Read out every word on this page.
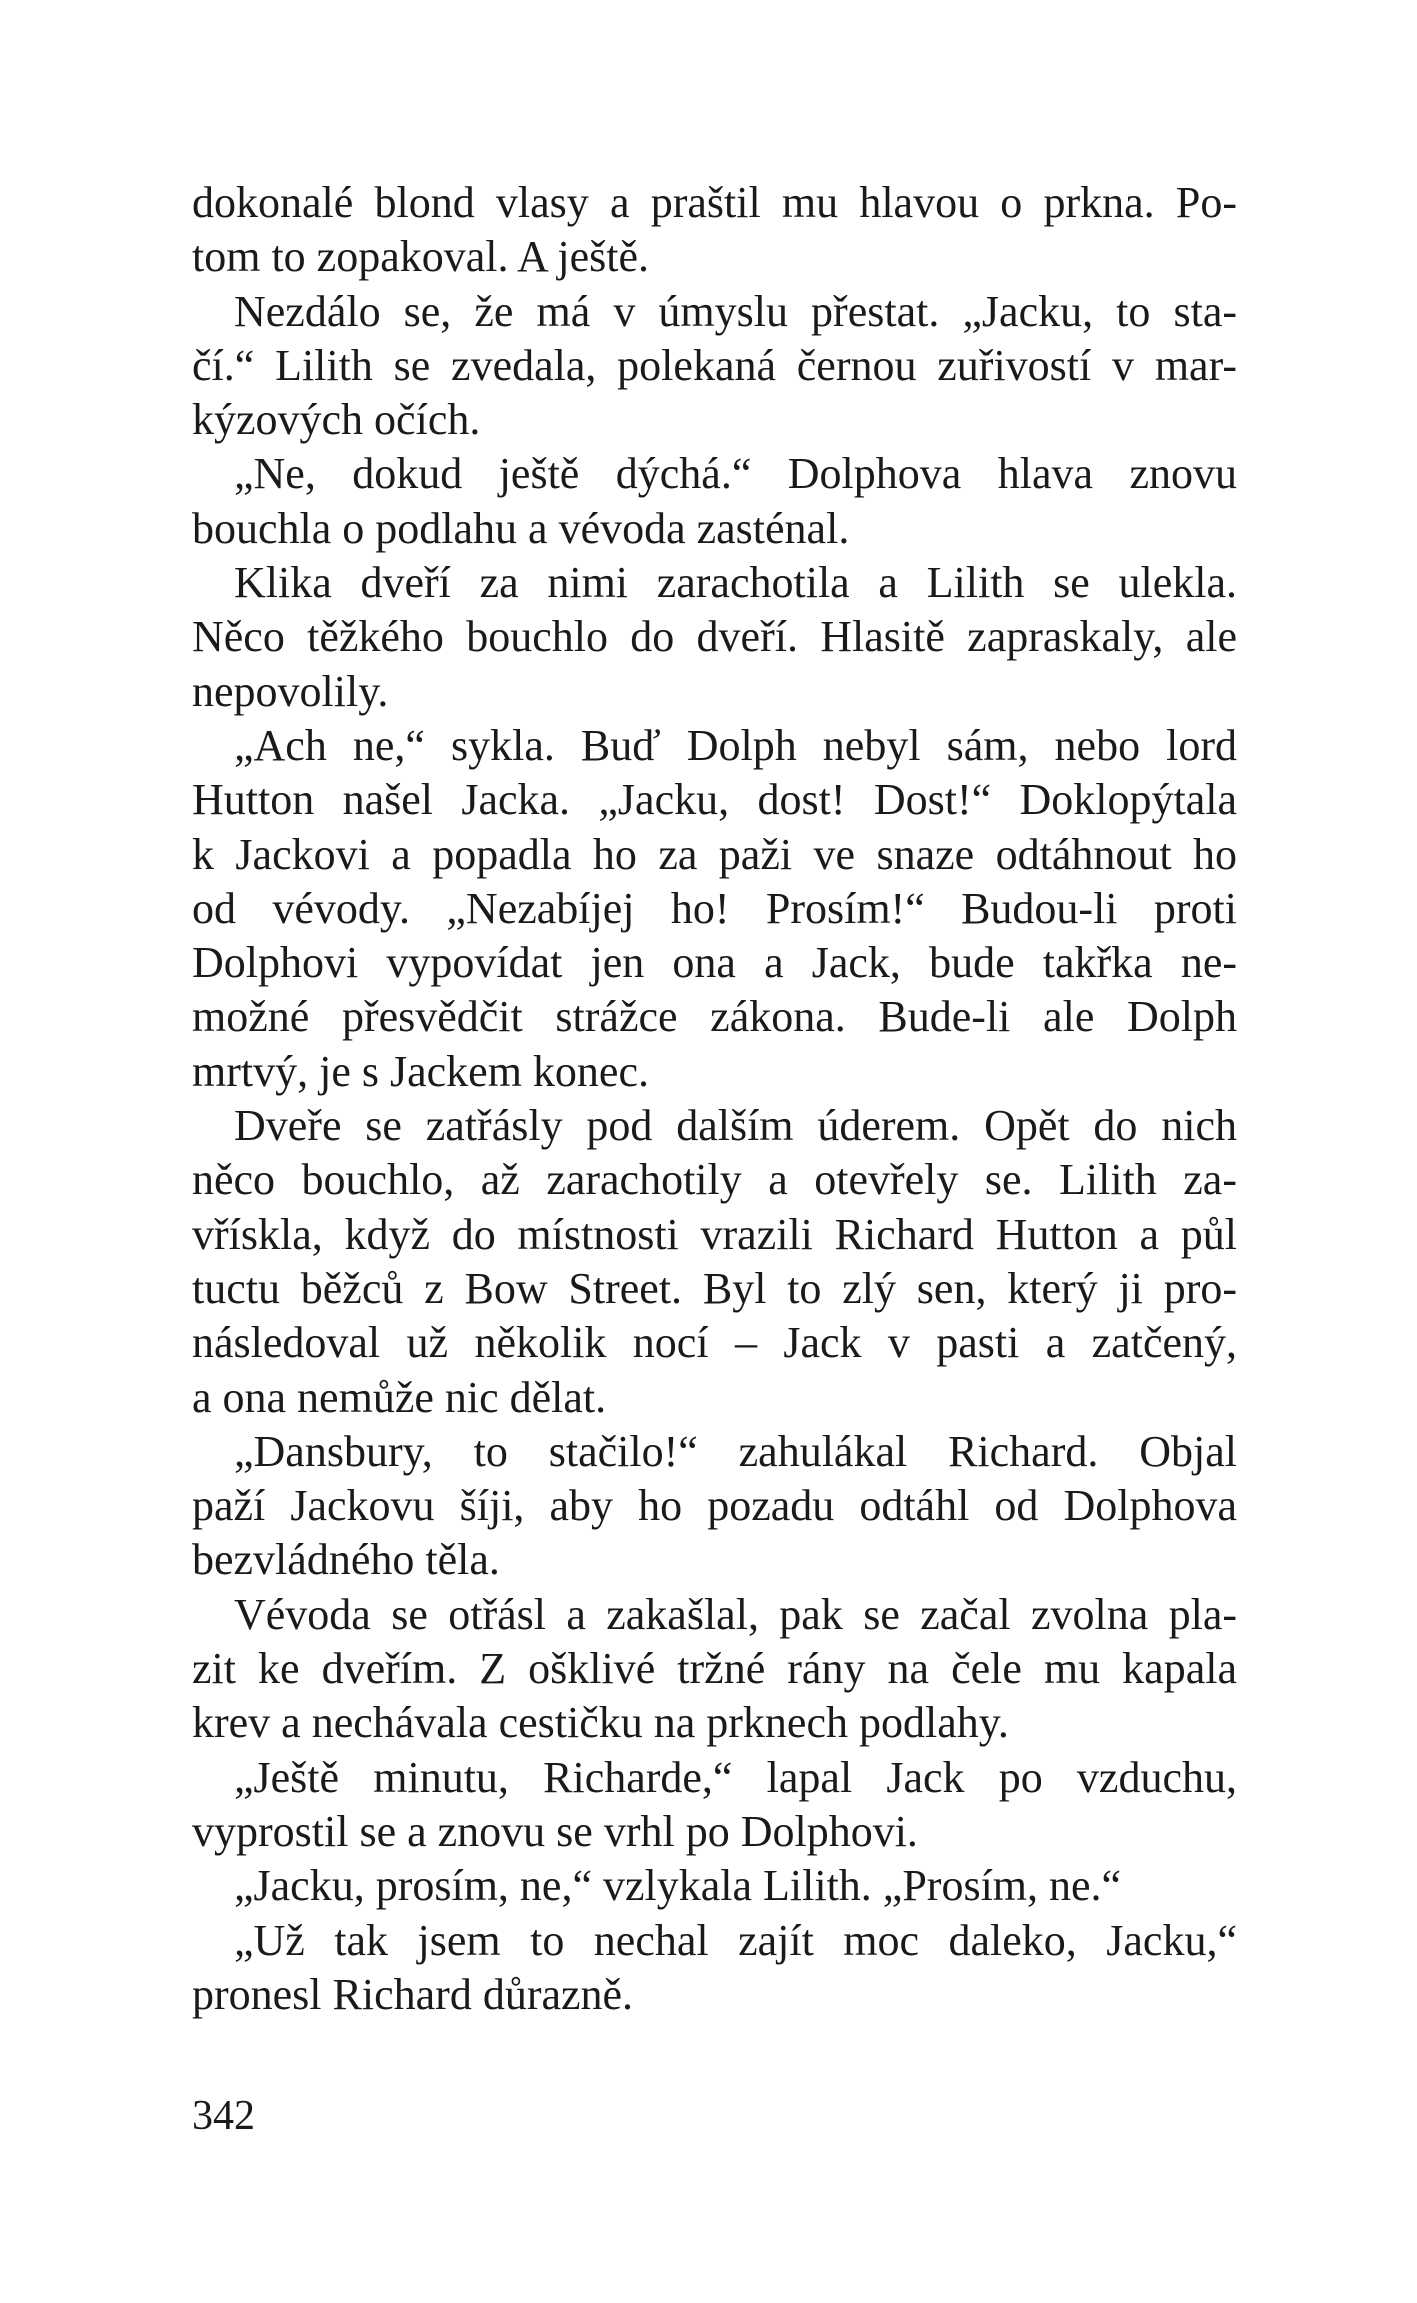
dokonalé blond vlasy a praštil mu hlavou o prkna. Po-
tom to zopakoval. A ještě.
Nezdálo se, že má v úmyslu přestat. „Jacku, to sta-
čí.“ Lilith se zvedala, polekaná černou zuřivostí v mar-
kýzových očích.
„Ne, dokud ještě dýchá.“ Dolphova hlava znovu
bouchla o podlahu a vévoda zasténal.
Klika dveří za nimi zarachotila a Lilith se ulekla.
Něco těžkého bouchlo do dveří. Hlasitě zapraskaly, ale
nepovolily.
„Ach ne,“ sykla. Buď Dolph nebyl sám, nebo lord
Hutton našel Jacka. „Jacku, dost! Dost!“ Doklopýtala
k Jackovi a popadla ho za paži ve snaze odtáhnout ho
od vévody. „Nezabíjej ho! Prosím!“ Budou-li proti
Dolphovi vypovídat jen ona a Jack, bude takřka ne-
možné přesvědčit strážce zákona. Bude-li ale Dolph
mrtvý, je s Jackem konec.
Dveře se zatřásly pod dalším úderem. Opět do nich
něco bouchlo, až zarachotily a otevřely se. Lilith za-
vřískla, když do místnosti vrazili Richard Hutton a půl
tuctu běžců z Bow Street. Byl to zlý sen, který ji pro-
následoval už několik nocí – Jack v pasti a zatčený,
a ona nemůže nic dělat.
„Dansbury, to stačilo!“ zahulákal Richard. Objal
paží Jackovu šíji, aby ho pozadu odtáhl od Dolphova
bezvládného těla.
Vévoda se otřásl a zakašlal, pak se začal zvolna pla-
zit ke dveřím. Z ošklivé tržné rány na čele mu kapala
krev a nechávala cestičku na prknech podlahy.
„Ještě minutu, Richarde,“ lapal Jack po vzduchu,
vyprostil se a znovu se vrhl po Dolphovi.
„Jacku, prosím, ne,“ vzlykala Lilith. „Prosím, ne.“
„Už tak jsem to nechal zajít moc daleko, Jacku,“
pronesl Richard důrazně.
342
